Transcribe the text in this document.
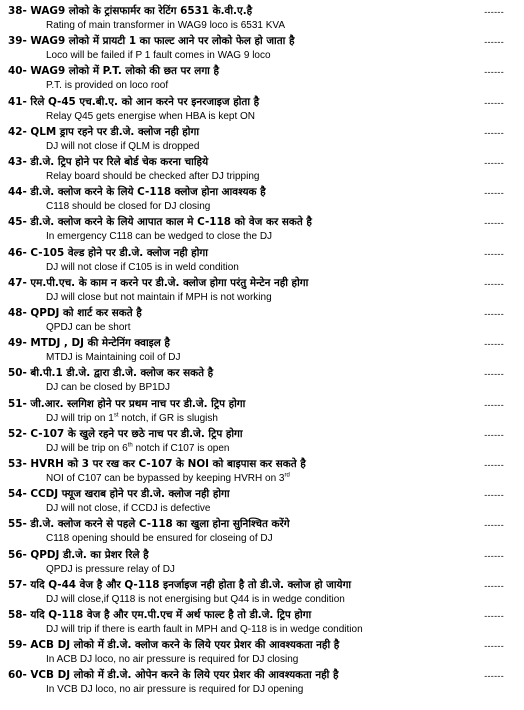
38- WAG9 लोको के ट्रांसफार्मर का रेटिंग 6531 के.वी.ए.है
Rating of main transformer in WAG9 loco is 6531 KVA
------
39- WAG9 लोको में प्रायटी 1 का फाल्ट आने पर लोको फेल हो जाता है
Loco will be failed if P 1 fault comes in WAG 9 loco
------
40- WAG9 लोको में P.T. लोको की छत पर लगा है
P.T. is provided on loco roof
------
41- रिले Q-45 एच.बी.ए. को आन करने पर इनरजाइज होता है
Relay Q45 gets energise when HBA is kept ON
------
42- QLM ड्राप रहने पर डी.जे. क्लोज नही होगा
DJ will not close if QLM is dropped
------
43- डी.जे. ट्रिप होने पर रिले बोर्ड चेक करना चाहिये
Relay board should be checked after DJ tripping
------
44- डी.जे. क्लोज करने के लिये C-118 क्लोज होना आवश्यक है
C118 should be closed for DJ closing
------
45- डी.जे. क्लोज करने के लिये आपात काल मे C-118 को वेज कर सकते है
In emergency C118 can be wedged to close the DJ
------
46- C-105 वेल्ड होने पर डी.जे. क्लोज नही होगा
DJ will not close if C105 is in weld condition
------
47- एम.पी.एच. के काम न करने पर डी.जे. क्लोज होगा परंतु मेन्टेन नही होगा
DJ will close but not maintain if MPH is not working
------
48- QPDJ को शार्ट कर सकते है
QPDJ can be short
------
49- MTDJ , DJ की मेन्टेनिंग क्वाइल है
MTDJ is Maintaining coil of DJ
------
50- बी.पी.1 डी.जे. द्वारा डी.जे. क्लोज कर सकते है
DJ can be closed by BP1DJ
------
51- जी.आर. स्लगिश होने पर प्रथम नाच पर डी.जे. ट्रिप होगा
DJ will trip on 1st notch, if GR is slugish
------
52- C-107 के खुले रहने पर छठे नाच पर डी.जे. ट्रिप होगा
DJ will be trip on 6th notch if C107 is open
------
53- HVRH को 3 पर रख कर C-107 के NOI को बाइपास कर सकते है
NOI of C107 can be bypassed by keeping HVRH on 3rd
------
54- CCDJ फ्यूज खराब होने पर डी.जे. क्लोज नही होगा
DJ will not close, if CCDJ is defective
------
55- डी.जे. क्लोज करने से पहले C-118 का खुला होना सुनिश्चित करेंगे
C118 opening should be ensured for closeing of DJ
------
56- QPDJ डी.जे. का प्रेशर रिले है
QPDJ is pressure relay of DJ
------
57- यदि Q-44 वेज है और Q-118 इनर्जाइज नही होता है तो डी.जे. क्लोज हो जायेगा
DJ will close,if Q118 is not energising but Q44 is in wedge condition
------
58- यदि Q-118 वेज है और एम.पी.एच में अर्थ फाल्ट है तो डी.जे. ट्रिप होगा
DJ will trip if there is earth fault in MPH and Q-118 is in wedge condition
------
59- ACB DJ लोको में डी.जे. क्लोज करने के लिये एयर प्रेशर की आवश्यकता नही है
In ACB DJ loco, no air pressure is required for DJ closing
------
60- VCB DJ लोको में डी.जे. ओपेन करने के लिये एयर प्रेशर की आवश्यकता नही है
In VCB DJ loco, no air pressure is required for DJ opening
------
